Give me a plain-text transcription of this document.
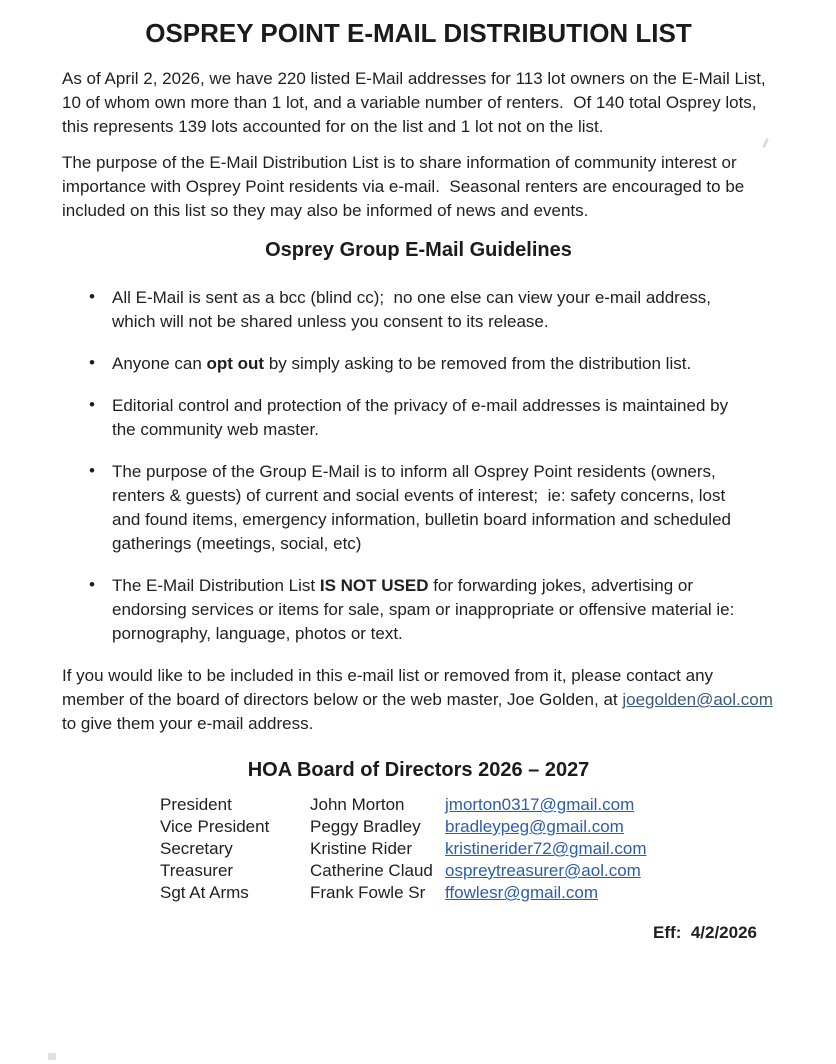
OSPREY POINT E-MAIL DISTRIBUTION LIST

As of April 2, 2026, we have 220 listed E-Mail addresses for 113 lot owners on the E-Mail List, 10 of whom own more than 1 lot, and a variable number of renters.  Of 140 total Osprey lots, this represents 139 lots accounted for on the list and 1 lot not on the list.

The purpose of the E-Mail Distribution List is to share information of community interest or importance with Osprey Point residents via e-mail.  Seasonal renters are encouraged to be included on this list so they may also be informed of news and events.

Osprey Group E-Mail Guidelines
• All E-Mail is sent as a bcc (blind cc);  no one else can view your e-mail address, which will not be shared unless you consent to its release.
• Anyone can opt out by simply asking to be removed from the distribution list.
• Editorial control and protection of the privacy of e-mail addresses is maintained by the community web master.
• The purpose of the Group E-Mail is to inform all Osprey Point residents (owners, renters & guests) of current and social events of interest;  ie: safety concerns, lost and found items, emergency information, bulletin board information and scheduled gatherings (meetings, social, etc)
• The E-Mail Distribution List IS NOT USED for forwarding jokes, advertising or endorsing services or items for sale, spam or inappropriate or offensive material ie: pornography, language, photos or text.

If you would like to be included in this e-mail list or removed from it, please contact any member of the board of directors below or the web master, Joe Golden, at joegolden@aol.com to give them your e-mail address.

HOA Board of Directors 2026 – 2027
President	John Morton	jmorton0317@gmail.com
Vice President	Peggy Bradley	bradleypeg@gmail.com
Secretary	Kristine Rider	kristinerider72@gmail.com
Treasurer	Catherine Claud	ospreytreasurer@aol.com
Sgt At Arms	Frank Fowle Sr	ffowlesr@gmail.com

Eff:  4/2/2026
